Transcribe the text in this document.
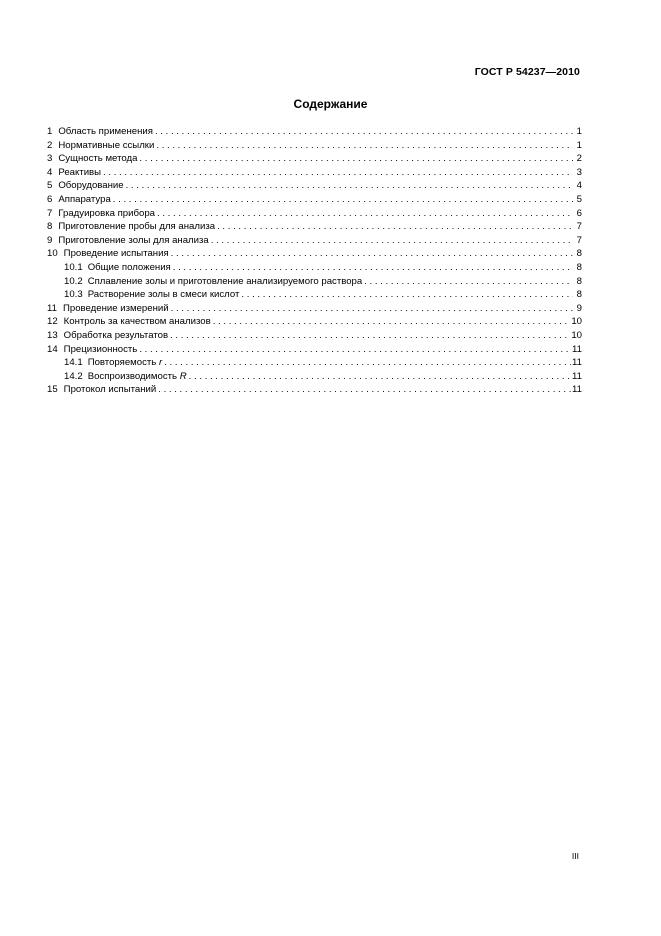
ГОСТ Р 54237—2010
Содержание
1 Область применения . . .	1
2 Нормативные ссылки . . .	1
3 Сущность метода . . .	2
4 Реактивы . . .	3
5 Оборудование . . .	4
6 Аппаратура . . .	5
7 Градуировка прибора . . .	6
8 Приготовление пробы для анализа . . .	7
9 Приготовление золы для анализа . . .	7
10 Проведение испытания . . .	8
10.1 Общие положения . . .	8
10.2 Сплавление золы и приготовление анализируемого раствора . . .	8
10.3 Растворение золы в смеси кислот . . .	8
11 Проведение измерений . . .	9
12 Контроль за качеством анализов . . .	10
13 Обработка результатов . . .	10
14 Прецизионность . . .	11
14.1 Повторяемость r . . .	11
14.2 Воспроизводимость R . . .	11
15 Протокол испытаний . . .	11
III
